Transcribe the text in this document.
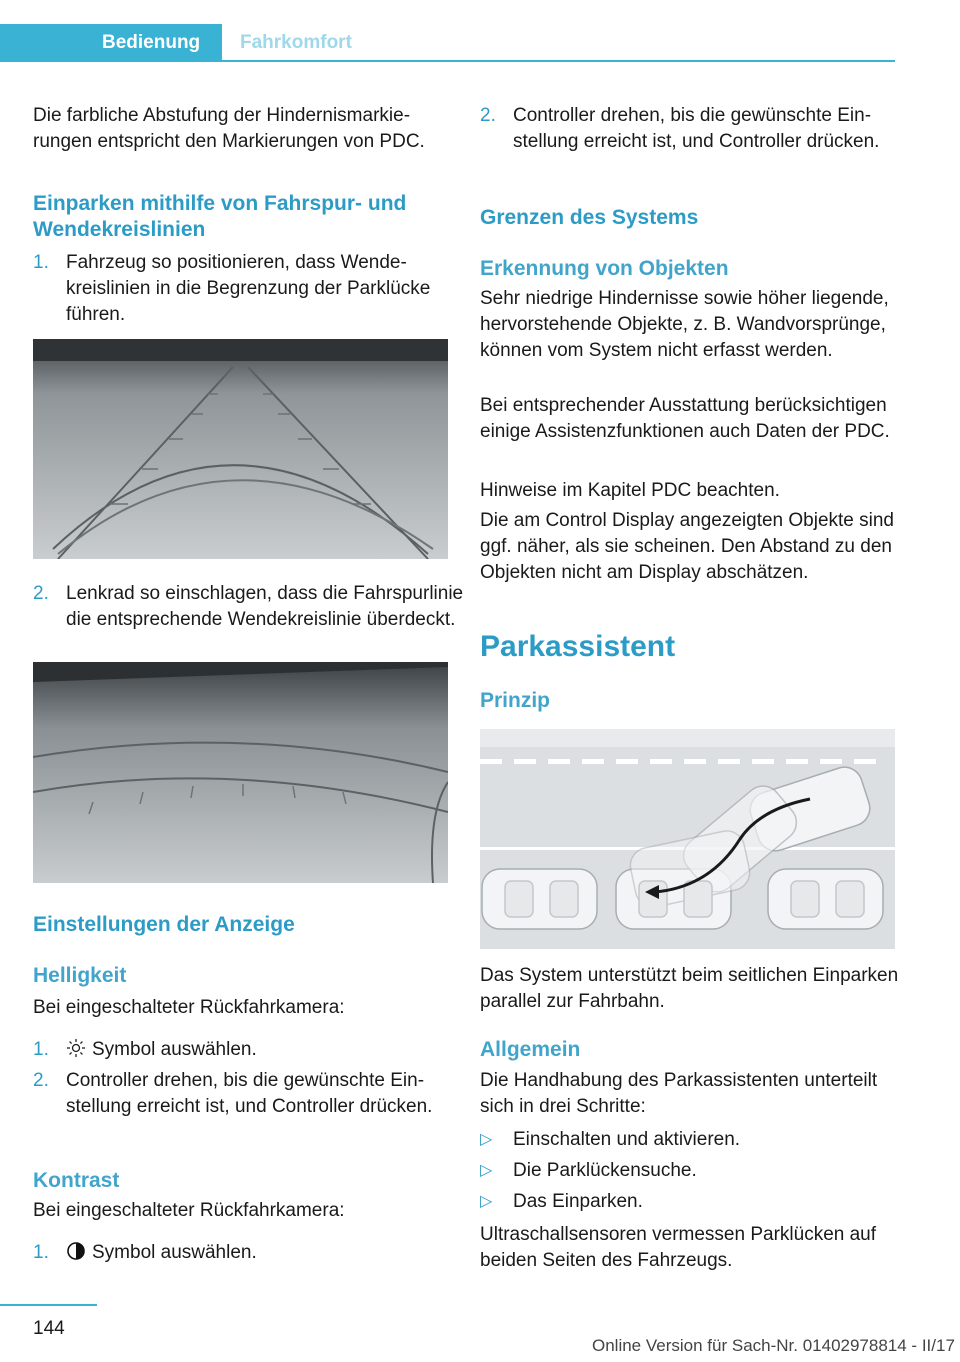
Bedienung Fahrkomfort

Die farbliche Abstufung der Hindernismarkierungen entspricht den Markierungen von PDC.

Einparken mithilfe von Fahrspur- und
Wendekreislinien
1. Fahrzeug so positionieren, dass Wendekreislinien in die Begrenzung der Parklücke führen.
2. Lenkrad so einschlagen, dass die Fahrspurlinie die entsprechende Wendekreislinie überdeckt.
Einstellungen der Anzeige
Helligkeit

Bei eingeschalteter Rückfahrkamera:

1. Symbol auswählen.
2. Controller drehen, bis die gewünschte Einstellung erreicht ist, und Controller drücken.
Kontrast

Bei eingeschalteter Rückfahrkamera:

1. Symbol auswählen.
2. Controller drehen, bis die gewünschte Einstellung erreicht ist, und Controller drücken.
Grenzen des Systems
Erkennung von Objekten

Sehr niedrige Hindernisse sowie höher liegende, hervorstehende Objekte, z. B. Wandvorsprünge, können vom System nicht erfasst werden.

Bei entsprechender Ausstattung berücksichtigen einige Assistenzfunktionen auch Daten der PDC.

Hinweise im Kapitel PDC beachten.

Die am Control Display angezeigten Objekte sind ggf. näher, als sie scheinen. Den Abstand zu den Objekten nicht am Display abschätzen.

Parkassistent
Prinzip

Das System unterstützt beim seitlichen Einparken parallel zur Fahrbahn.

Allgemein

Die Handhabung des Parkassistenten unterteilt sich in drei Schritte:

▷ Einschalten und aktivieren.
▷ Die Parklückensuche.
▷ Das Einparken.

Ultraschallsensoren vermessen Parklücken auf beiden Seiten des Fahrzeugs.

144
Online Version für Sach-Nr. 01402978814 - II/17
